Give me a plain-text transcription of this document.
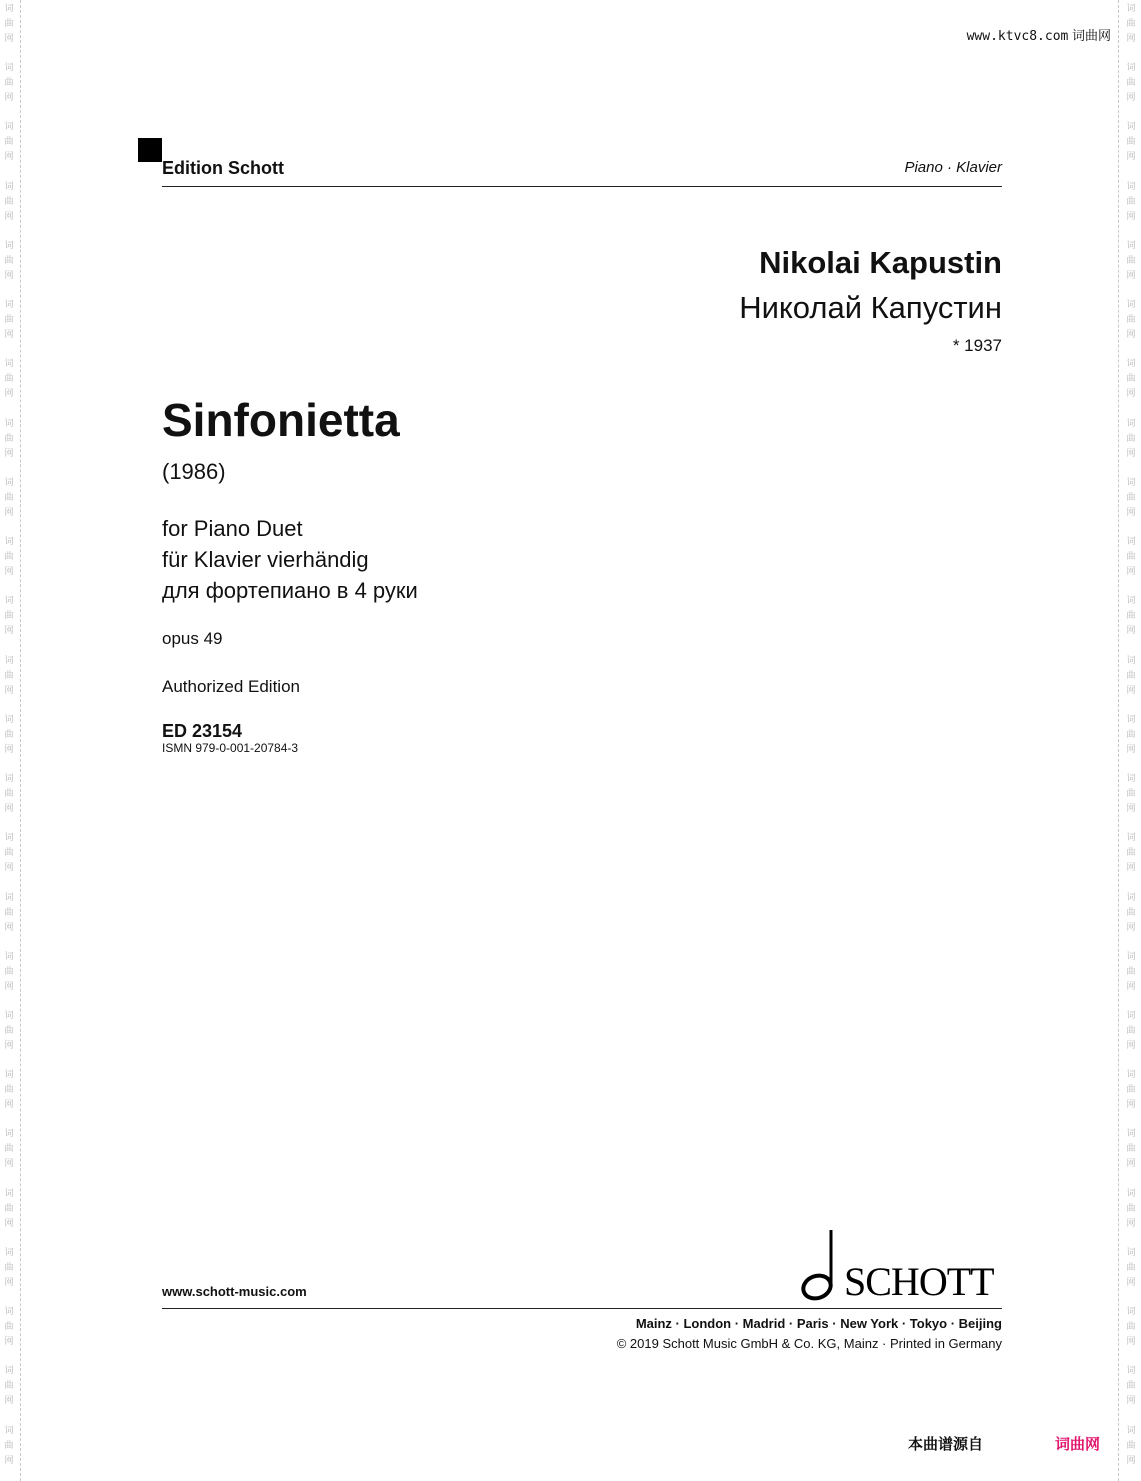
词
曲
网
词
曲
网
词
曲
网
词
曲
网
词
曲
网
词
曲
网
词
曲
网
词
曲
网
词
曲
网
词
曲
网
词
曲
网
词
曲
网
词
曲
网
词
曲
网
词
曲
网
词
曲
网
词
曲
网
词
曲
网
词
曲
网
词
曲
网
词
曲
网
词
曲
网
词
曲
网
词
曲
网
词
曲
网
词
曲
网
词
曲
网
词
曲
网
词
曲
网
词
曲
网
词
曲
网
词
曲
网
词
曲
网
词
曲
网
词
曲
网
词
曲
网
词
曲
网
词
曲
网
词
曲
网
词
曲
网
词
曲
网
词
曲
网
词
曲
网
词
曲
网
词
曲
网
词
曲
网
词
曲
网
词
曲
网
词
曲
网
词
曲
网
www.ktvc8.com 词曲网
Edition Schott	Piano · Klavier
Nikolai Kapustin
Николай Капустин
* 1937
Sinfonietta
(1986)
for Piano Duet
für Klavier vierhändig
для фортепиано в 4 руки
opus 49
Authorized Edition
ED 23154
ISMN 979-0-001-20784-3
www.schott-music.com	SCHOTT
Mainz · London · Madrid · Paris · New York · Tokyo · Beijing
© 2019 Schott Music GmbH & Co. KG, Mainz · Printed in Germany
本曲谱源自	词曲网
